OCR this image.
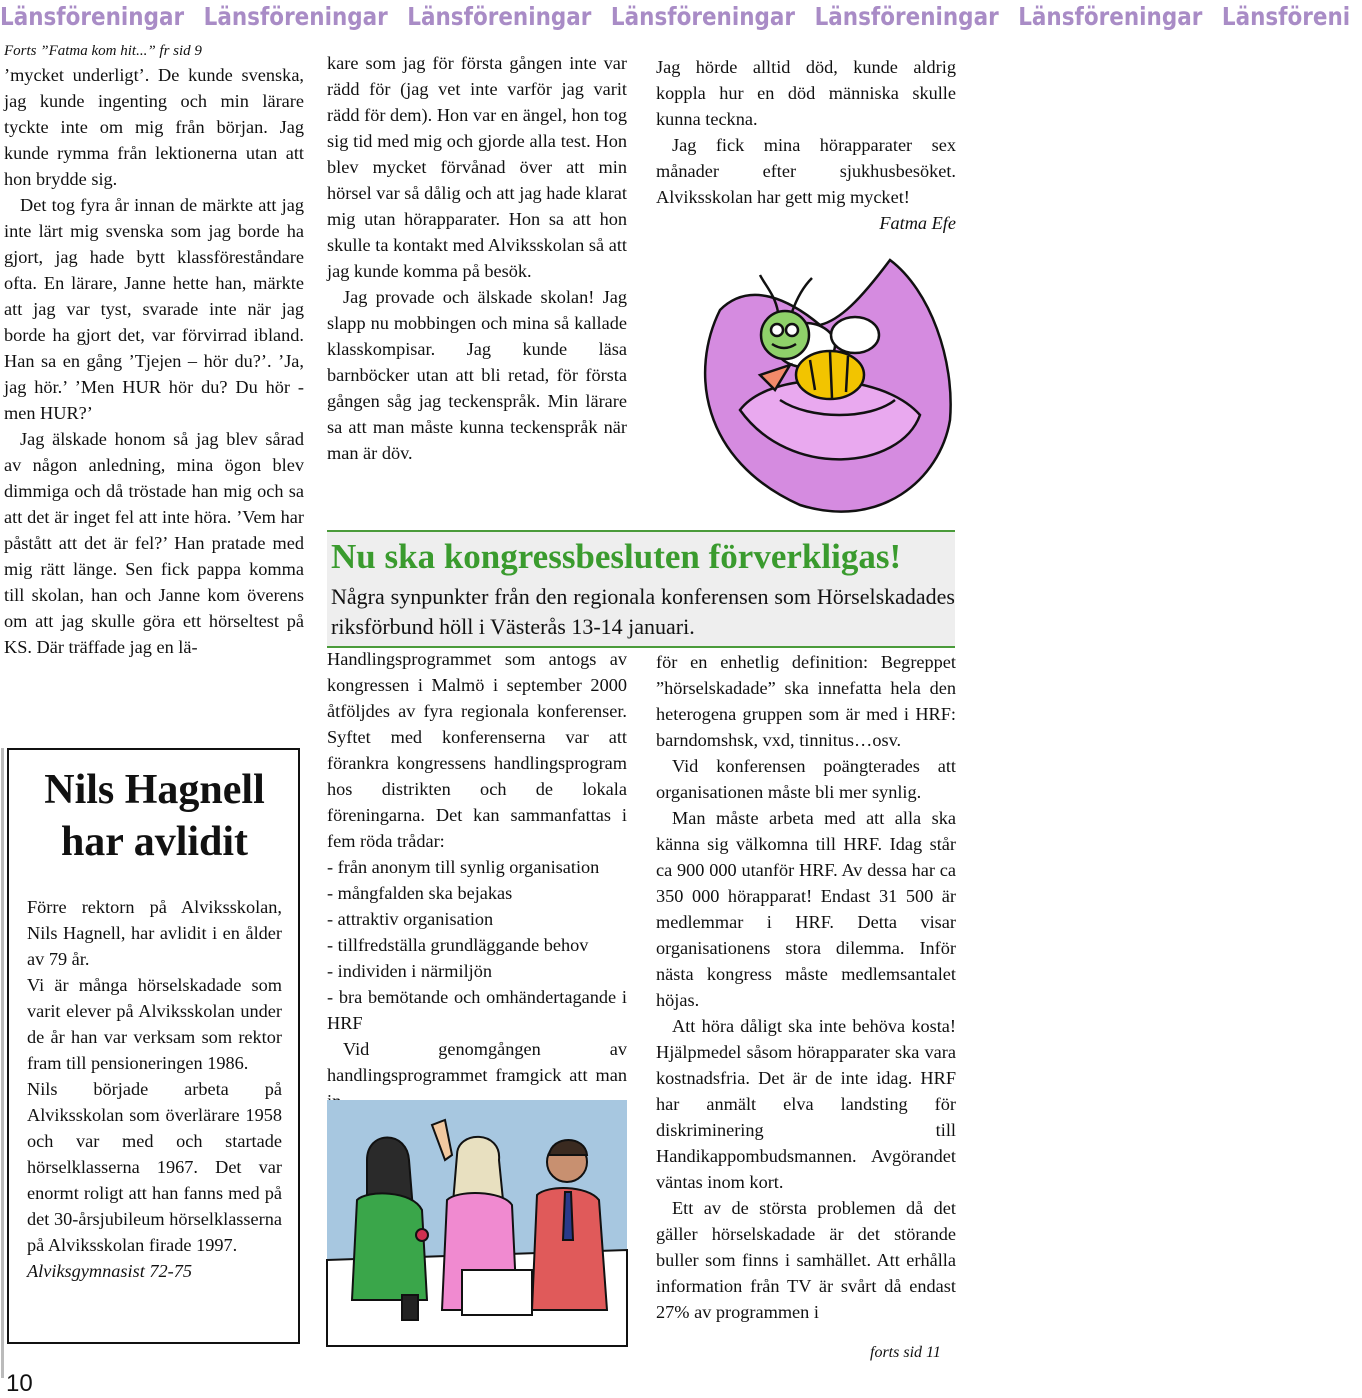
Länsföreningar Länsföreningar Länsföreningar Länsföreningar Länsföreningar Länsföreningar Länsföreni

Forts ”Fatma kom hit...” fr sid 9

’mycket underligt’. De kunde svenska, jag kunde ingenting och min lärare tyckte inte om mig från början. Jag kunde rymma från lektionerna utan att hon brydde sig.

Det tog fyra år innan de märkte att jag inte lärt mig svenska som jag borde ha gjort, jag hade bytt klassföreståndare ofta. En lärare, Janne hette han, märkte att jag var tyst, svarade inte när jag borde ha gjort det, var förvirrad ibland. Han sa en gång ’Tjejen – hör du?’. ’Ja, jag hör.’ ’Men HUR hör du? Du hör - men HUR?’

Jag älskade honom så jag blev sårad av någon anledning, mina ögon blev dimmiga och då tröstade han mig och sa att det är inget fel att inte höra. ’Vem har påstått att det är fel?’ Han pratade med mig rätt länge. Sen fick pappa komma till skolan, han och Janne kom överens om att jag skulle göra ett hörseltest på KS. Där träffade jag en lä-

kare som jag för första gången inte var rädd för (jag vet inte varför jag varit rädd för dem). Hon var en ängel, hon tog sig tid med mig och gjorde alla test. Hon blev mycket förvånad över att min hörsel var så dålig och att jag hade klarat mig utan hörapparater. Hon sa att hon skulle ta kontakt med Alviksskolan så att jag kunde komma på besök.

Jag provade och älskade skolan! Jag slapp nu mobbingen och mina så kallade klasskompisar. Jag kunde läsa barnböcker utan att bli retad, för första gången såg jag teckenspråk. Min lärare sa att man måste kunna teckenspråk när man är döv.

Jag hörde alltid död, kunde aldrig koppla hur en död människa skulle kunna teckna.

Jag fick mina hörapparater sex månader efter sjukhusbesöket. Alviksskolan har gett mig mycket!

Fatma Efe

Nu ska kongressbesluten förverkligas!

Några synpunkter från den regionala konferensen som Hörselskadades riksförbund höll i Västerås 13-14 januari.

Handlingsprogrammet som antogs av kongressen i Malmö i september 2000 åtföljdes av fyra regionala konferenser. Syftet med konferenserna var att förankra kongressens handlingsprogram hos distrikten och de lokala föreningarna. Det kan sammanfattas i fem röda trådar:

- från anonym till synlig organisation

- mångfalden ska bejakas

- attraktiv organisation

- tillfredställa grundläggande behov

- individen i närmiljön

- bra bemötande och omhändertagande i HRF

Vid genomgången av handlingsprogrammet framgick att man

för en enhetlig definition: Begreppet ”hörselskadade” ska innefatta hela den heterogena gruppen som är med i HRF: barndomshsk, vxd, tinnitus…osv.

Vid konferensen poängterades att organisationen måste bli mer synlig.

Man måste arbeta med att alla ska känna sig välkomna till HRF. Idag står ca 900 000 utanför HRF. Av dessa har ca 350 000 hörapparat! Endast 31 500 är medlemmar i HRF. Detta visar organisationens stora dilemma. Inför nästa kongress måste medlemsantalet höjas.

Att höra dåligt ska inte behöva kosta! Hjälpmedel såsom hörapparater ska vara kostnadsfria. Det är de inte idag. HRF har anmält elva landsting för diskriminering till Handikappombudsmannen. Avgörandet väntas inom kort.

Ett av de största problemen då det gäller hörselskadade är det störande buller som finns i samhället. Att erhålla information från TV är svårt då endast 27% av programmen i

forts sid 11

Nils Hagnell har avlidit

Förre rektorn på Alviksskolan, Nils Hagnell, har avlidit i en ålder av 79 år.

Vi är många hörselskadade som varit elever på Alviksskolan under de år han var verksam som rektor fram till pensioneringen 1986.

Nils började arbeta på Alviksskolan som överlärare 1958 och var med och startade hörselklasserna 1967. Det var enormt roligt att han fanns med på det 30-årsjubileum hörselklasserna på Alviksskolan firade 1997.

Alviksgymnasist 72-75

10
